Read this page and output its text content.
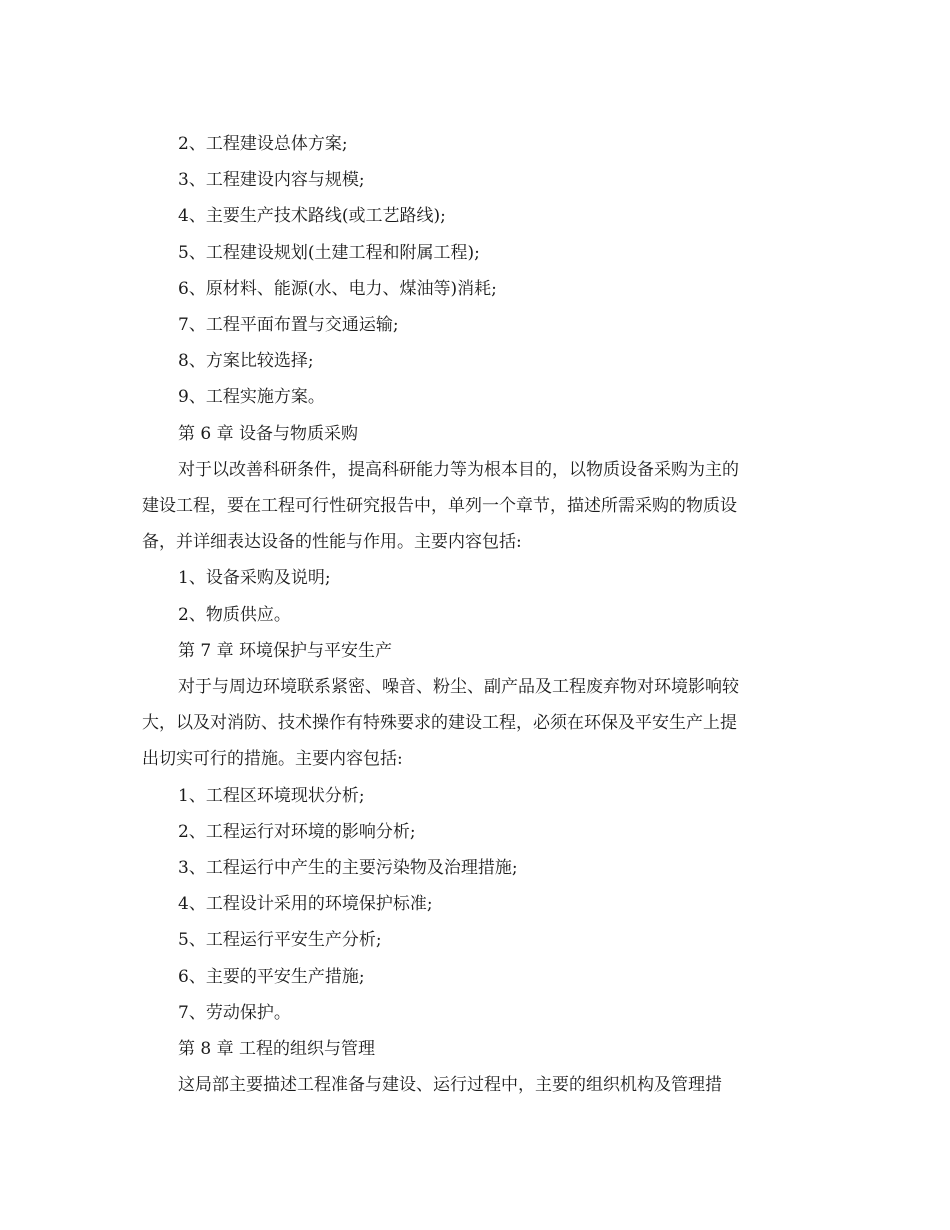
2、工程建设总体方案;
3、工程建设内容与规模;
4、主要生产技术路线(或工艺路线);
5、工程建设规划(土建工程和附属工程);
6、原材料、能源(水、电力、煤油等)消耗;
7、工程平面布置与交通运输;
8、方案比较选择;
9、工程实施方案。
第 6 章 设备与物质采购
对于以改善科研条件，提高科研能力等为根本目的，以物质设备采购为主的
建设工程，要在工程可行性研究报告中，单列一个章节，描述所需采购的物质设
备，并详细表达设备的性能与作用。主要内容包括:
1、设备采购及说明;
2、物质供应。
第 7 章 环境保护与平安生产
对于与周边环境联系紧密、噪音、粉尘、副产品及工程废弃物对环境影响较
大，以及对消防、技术操作有特殊要求的建设工程，必须在环保及平安生产上提
出切实可行的措施。主要内容包括:
1、工程区环境现状分析;
2、工程运行对环境的影响分析;
3、工程运行中产生的主要污染物及治理措施;
4、工程设计采用的环境保护标准;
5、工程运行平安生产分析;
6、主要的平安生产措施;
7、劳动保护。
第 8 章 工程的组织与管理
这局部主要描述工程准备与建设、运行过程中，主要的组织机构及管理措
